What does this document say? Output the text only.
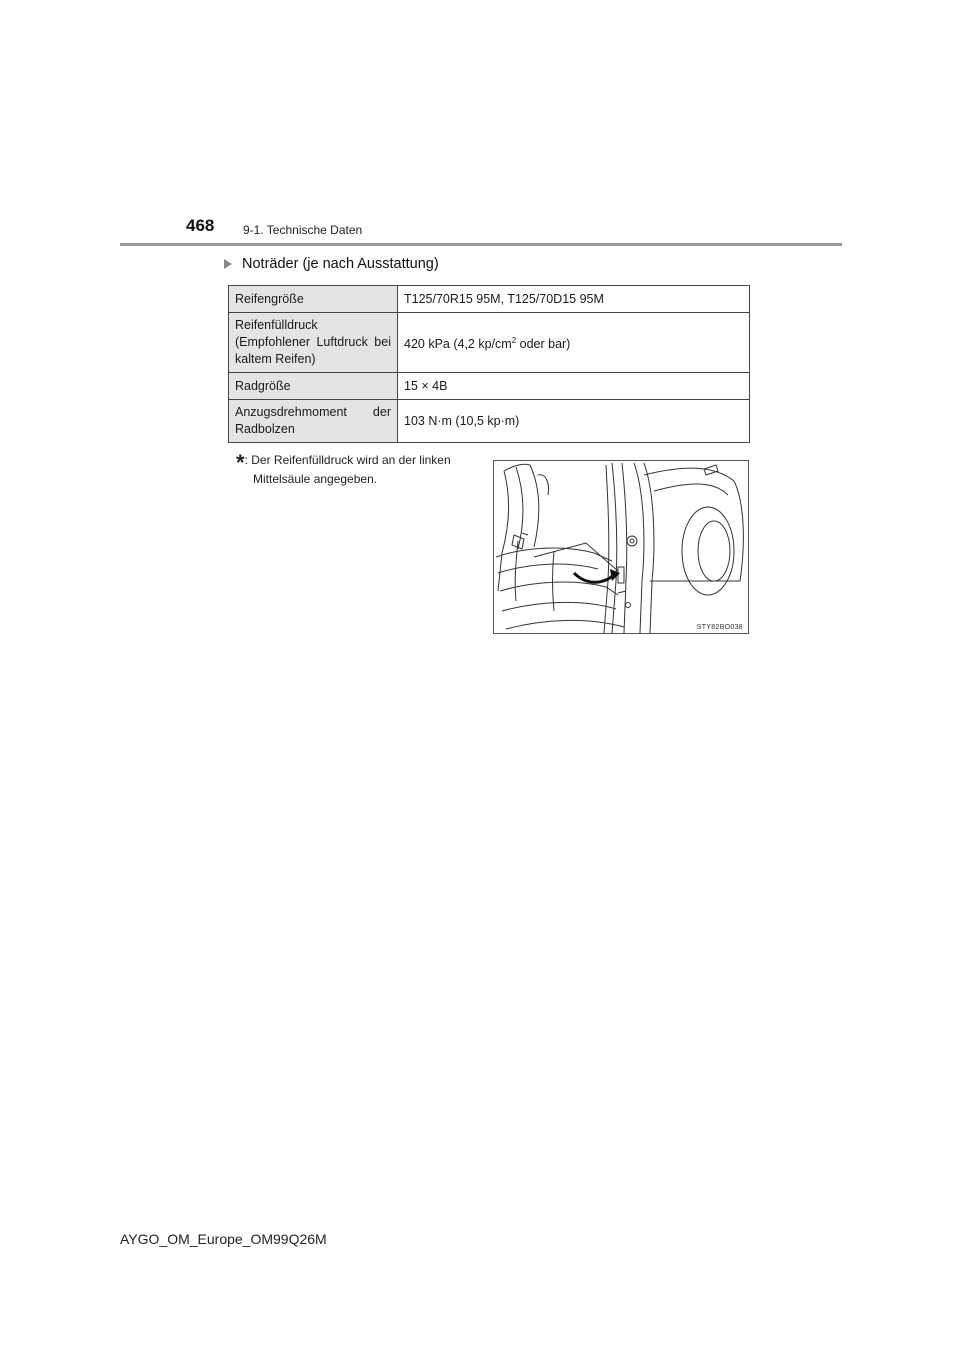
468 9-1. Technische Daten
Noträder (je nach Ausstattung)
Reifengröße	T125/70R15 95M, T125/70D15 95M

Reifenfülldruck
(Empfohlener Luftdruck bei
kaltem Reifen)	420 kPa (4,2 $kp/cm^2$ oder bar)
Radgröße	15 × 4B

Anzugsdrehmoment der
Radbolzen	103 N·m (10,5 kp·m)
*: Der Reifenfülldruck wird an der linken
Mittelsäule angegeben.
STY82BO038
AYGO_OM_Europe_OM99Q26M
